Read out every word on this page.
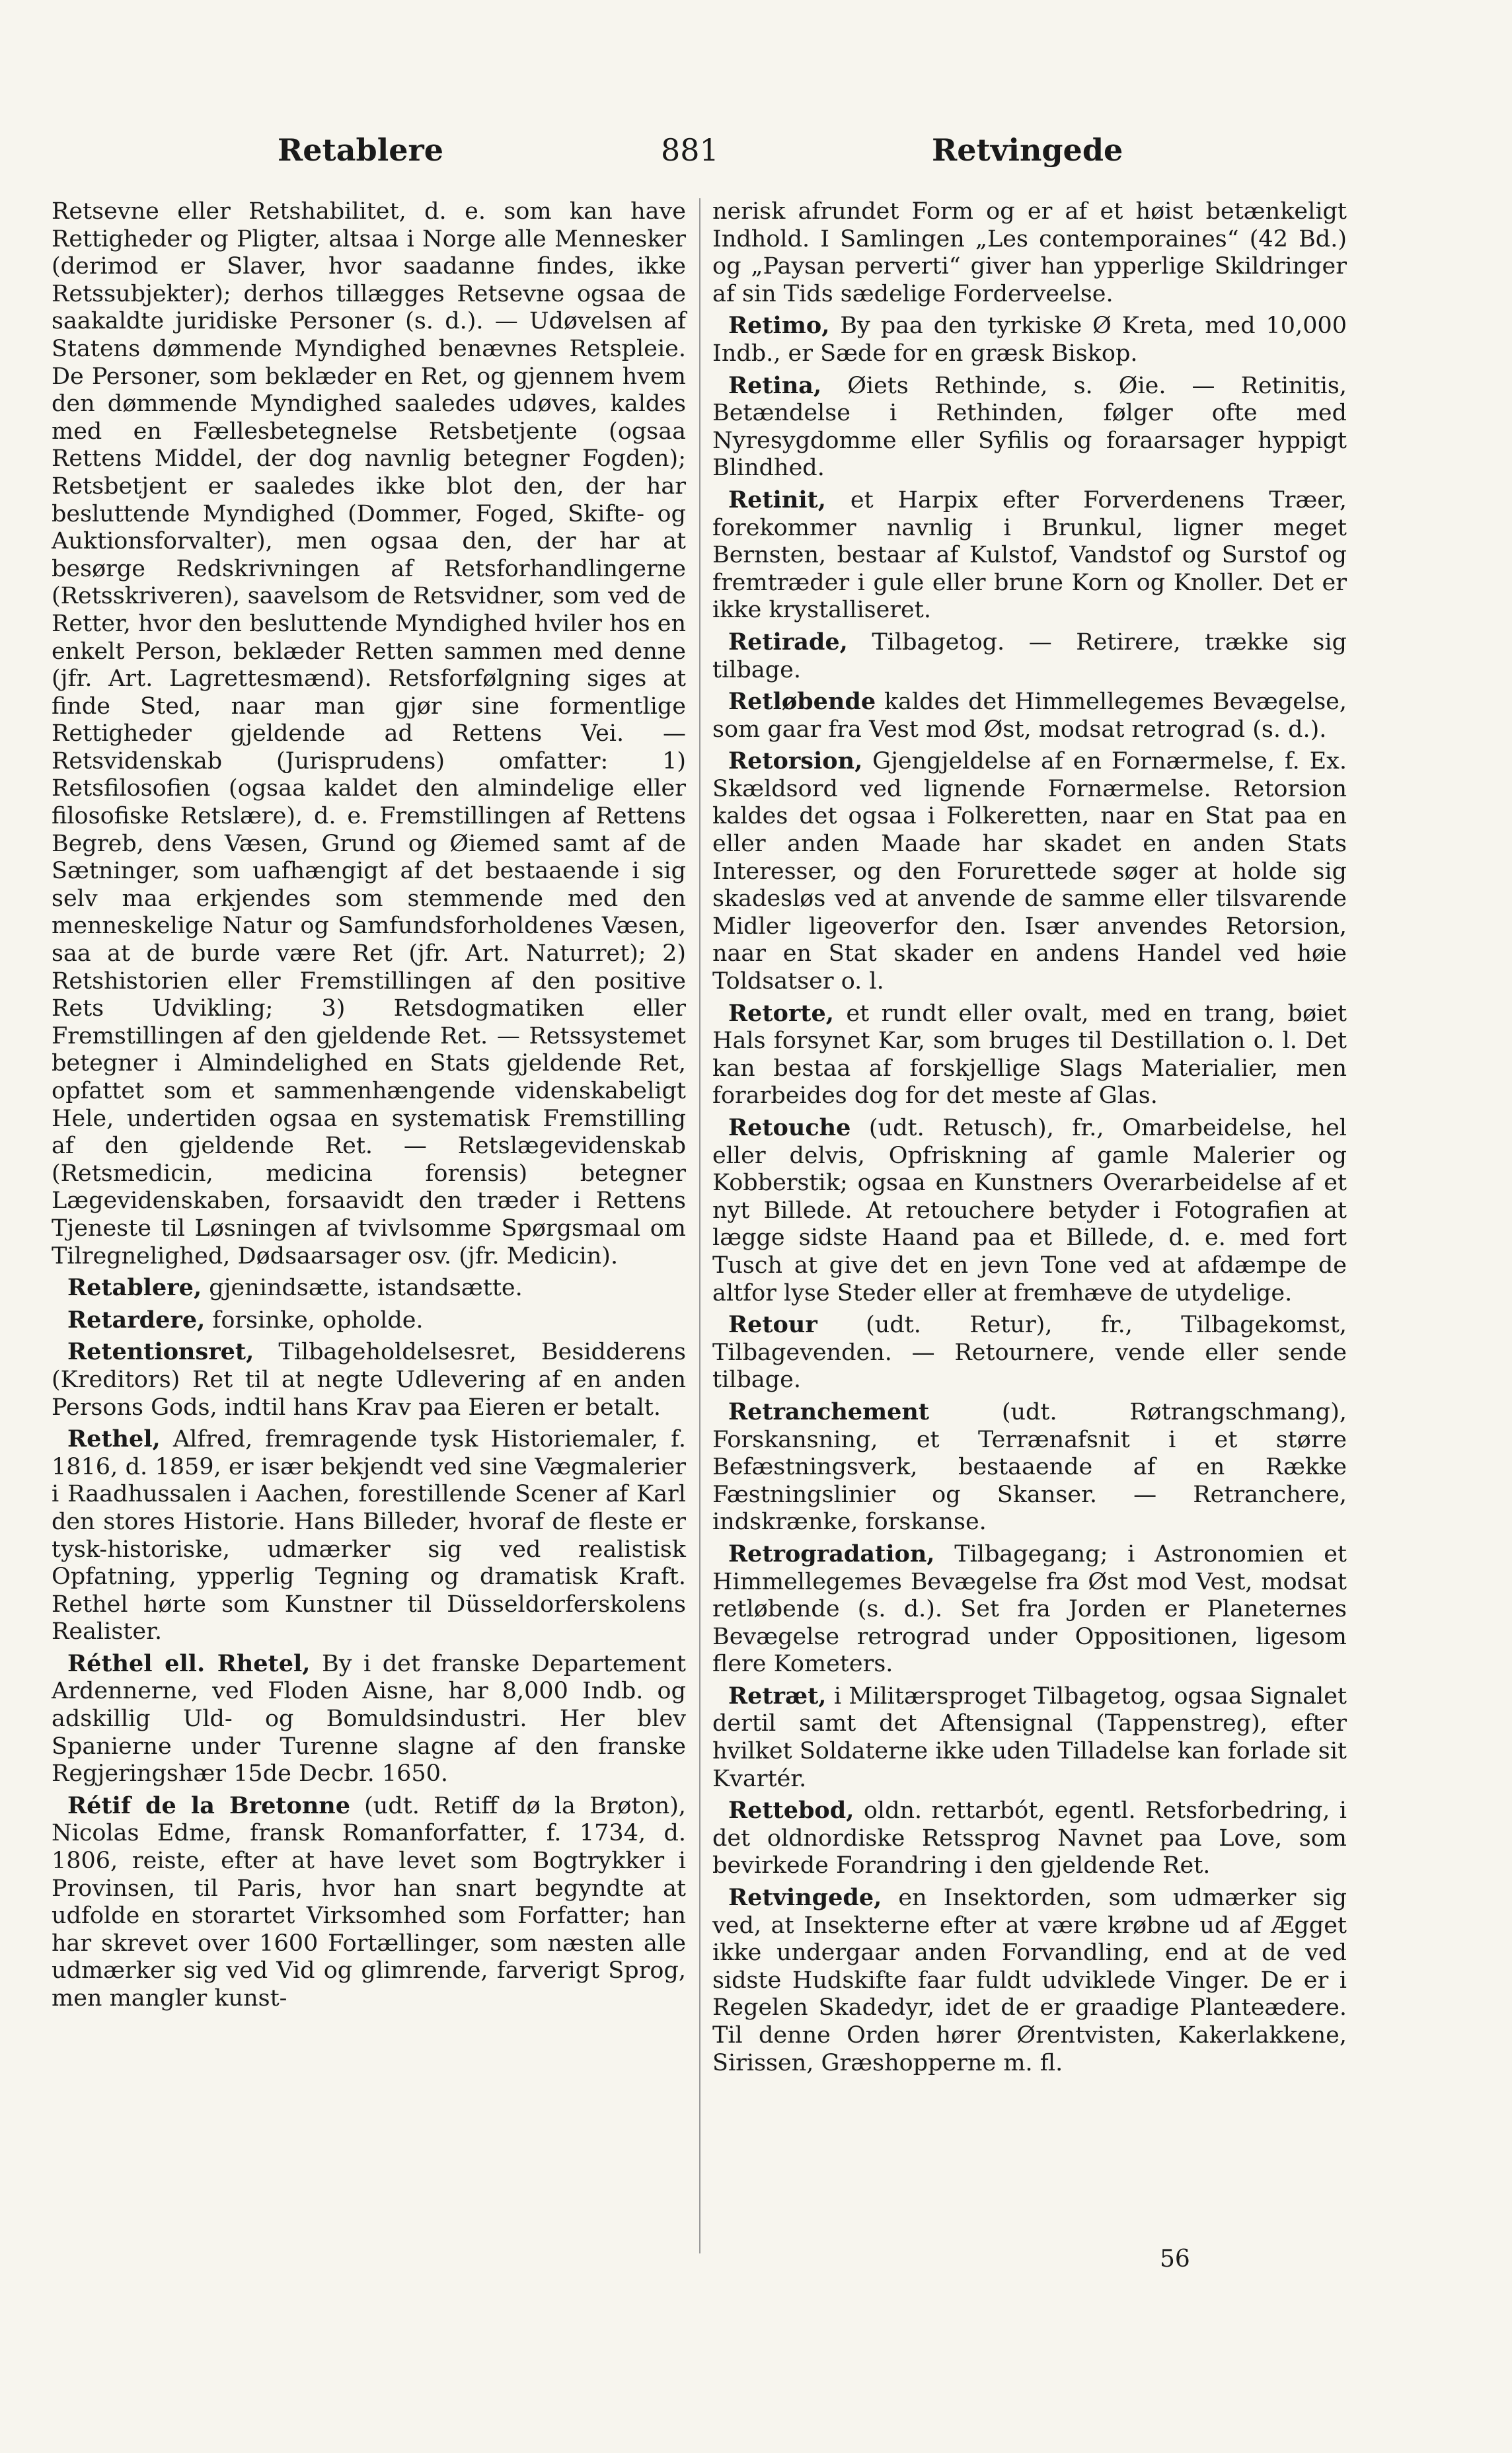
Retablere	881	Retvingede

Retsevne eller Retshabilitet, d. e. som kan have Rettigheder og Pligter, altsaa i Norge alle Mennesker (derimod er Slaver, hvor saadanne findes, ikke Retssubjekter); derhos tillægges Retsevne ogsaa de saakaldte juridiske Personer (s. d.). — Udøvelsen af Statens dømmende Myndighed benævnes Retspleie. De Personer, som beklæder en Ret, og gjennem hvem den dømmende Myndighed saaledes udøves, kaldes med en Fællesbetegnelse Retsbetjente (ogsaa Rettens Middel, der dog navnlig betegner Fogden); Retsbetjent er saaledes ikke blot den, der har besluttende Myndighed (Dommer, Foged, Skifte- og Auktionsforvalter), men ogsaa den, der har at besørge Redskrivningen af Retsforhandlingerne (Retsskriveren), saavelsom de Retsvidner, som ved de Retter, hvor den besluttende Myndighed hviler hos en enkelt Person, beklæder Retten sammen med denne (jfr. Art. Lagrettesmænd). Retsforfølgning siges at finde Sted, naar man gjør sine formentlige Rettigheder gjeldende ad Rettens Vei. — Retsvidenskab (Jurisprudens) omfatter: 1) Retsfilosofien (ogsaa kaldet den almindelige eller filosofiske Retslære), d. e. Fremstillingen af Rettens Begreb, dens Væsen, Grund og Øiemed samt af de Sætninger, som uafhængigt af det bestaaende i sig selv maa erkjendes som stemmende med den menneskelige Natur og Samfundsforholdenes Væsen, saa at de burde være Ret (jfr. Art. Naturret); 2) Retshistorien eller Fremstillingen af den positive Rets Udvikling; 3) Retsdogmatiken eller Fremstillingen af den gjeldende Ret. — Retssystemet betegner i Almindelighed en Stats gjeldende Ret, opfattet som et sammenhængende videnskabeligt Hele, undertiden ogsaa en systematisk Fremstilling af den gjeldende Ret. — Retslægevidenskab (Retsmedicin, medicina forensis) betegner Lægevidenskaben, forsaavidt den træder i Rettens Tjeneste til Løsningen af tvivlsomme Spørgsmaal om Tilregnelighed, Dødsaarsager osv. (jfr. Medicin).

Retablere, gjenindsætte, istandsætte.

Retardere, forsinke, opholde.

Retentionsret, Tilbageholdelsesret, Besidderens (Kreditors) Ret til at negte Udlevering af en anden Persons Gods, indtil hans Krav paa Eieren er betalt.

Rethel, Alfred, fremragende tysk Historiemaler, f. 1816, d. 1859, er især bekjendt ved sine Vægmalerier i Raadhussalen i Aachen, forestillende Scener af Karl den stores Historie. Hans Billeder, hvoraf de fleste er tysk-historiske, udmærker sig ved realistisk Opfatning, ypperlig Tegning og dramatisk Kraft. Rethel hørte som Kunstner til Düsseldorferskolens Realister.

Réthel ell. Rhetel, By i det franske Departement Ardennerne, ved Floden Aisne, har 8,000 Indb. og adskillig Uld- og Bomuldsindustri. Her blev Spanierne under Turenne slagne af den franske Regjeringshær 15de Decbr. 1650.

Rétif de la Bretonne (udt. Retiff dø la Brøton), Nicolas Edme, fransk Romanforfatter, f. 1734, d. 1806, reiste, efter at have levet som Bogtrykker i Provinsen, til Paris, hvor han snart begyndte at udfolde en storartet Virksomhed som Forfatter; han har skrevet over 1600 Fortællinger, som næsten alle udmærker sig ved Vid og glimrende, farverigt Sprog, men mangler kunst-

nerisk afrundet Form og er af et høist betænkeligt Indhold. I Samlingen „Les contemporaines“ (42 Bd.) og „Paysan perverti“ giver han ypperlige Skildringer af sin Tids sædelige Forderveelse.

Retimo, By paa den tyrkiske Ø Kreta, med 10,000 Indb., er Sæde for en græsk Biskop.

Retina, Øiets Rethinde, s. Øie. — Retinitis, Betændelse i Rethinden, følger ofte med Nyresygdomme eller Syfilis og foraarsager hyppigt Blindhed.

Retinit, et Harpix efter Forverdenens Træer, forekommer navnlig i Brunkul, ligner meget Bernsten, bestaar af Kulstof, Vandstof og Surstof og fremtræder i gule eller brune Korn og Knoller. Det er ikke krystalliseret.

Retirade, Tilbagetog. — Retirere, trække sig tilbage.

Retløbende kaldes det Himmellegemes Bevægelse, som gaar fra Vest mod Øst, modsat retrograd (s. d.).

Retorsion, Gjengjeldelse af en Fornærmelse, f. Ex. Skældsord ved lignende Fornærmelse. Retorsion kaldes det ogsaa i Folkeretten, naar en Stat paa en eller anden Maade har skadet en anden Stats Interesser, og den Forurettede søger at holde sig skadesløs ved at anvende de samme eller tilsvarende Midler ligeoverfor den. Især anvendes Retorsion, naar en Stat skader en andens Handel ved høie Toldsatser o. l.

Retorte, et rundt eller ovalt, med en trang, bøiet Hals forsynet Kar, som bruges til Destillation o. l. Det kan bestaa af forskjellige Slags Materialier, men forarbeides dog for det meste af Glas.

Retouche (udt. Retusch), fr., Omarbeidelse, hel eller delvis, Opfriskning af gamle Malerier og Kobberstik; ogsaa en Kunstners Overarbeidelse af et nyt Billede. At retouchere betyder i Fotografien at lægge sidste Haand paa et Billede, d. e. med fort Tusch at give det en jevn Tone ved at afdæmpe de altfor lyse Steder eller at fremhæve de utydelige.

Retour (udt. Retur), fr., Tilbagekomst, Tilbagevenden. — Retournere, vende eller sende tilbage.

Retranchement (udt. Røtrangschmang), Forskansning, et Terrænafsnit i et større Befæstningsverk, bestaaende af en Række Fæstningslinier og Skanser. — Retranchere, indskrænke, forskanse.

Retrogradation, Tilbagegang; i Astronomien et Himmellegemes Bevægelse fra Øst mod Vest, modsat retløbende (s. d.). Set fra Jorden er Planeternes Bevægelse retrograd under Oppositionen, ligesom flere Kometers.

Retræt, i Militærsproget Tilbagetog, ogsaa Signalet dertil samt det Aftensignal (Tappenstreg), efter hvilket Soldaterne ikke uden Tilladelse kan forlade sit Kvartér.

Rettebod, oldn. rettarbót, egentl. Retsforbedring, i det oldnordiske Retssprog Navnet paa Love, som bevirkede Forandring i den gjeldende Ret.

Retvingede, en Insektorden, som udmærker sig ved, at Insekterne efter at være krøbne ud af Ægget ikke undergaar anden Forvandling, end at de ved sidste Hudskifte faar fuldt udviklede Vinger. De er i Regelen Skadedyr, idet de er graadige Planteædere. Til denne Orden hører Ørentvisten, Kakerlakkene, Sirissen, Græshopperne m. fl.

56
